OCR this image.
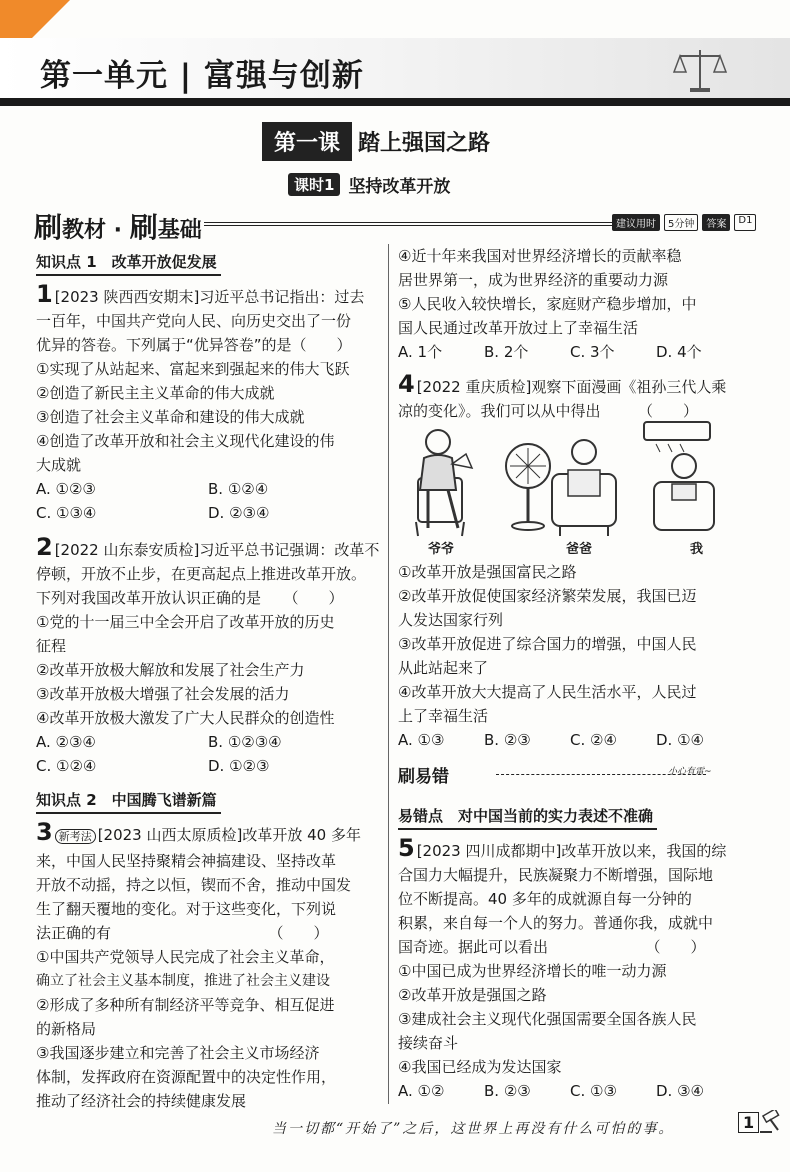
第一单元 | 富强与创新
第一课 踏上强国之路
课时1 坚持改革开放
刷教材 · 刷基础	建议用时	5分钟	答案	D1
知识点 1　改革开放促发展
1 [2023 陕西西安期末]习近平总书记指出：过去
一百年，中国共产党向人民、向历史交出了一份
优异的答卷。下列属于“优异答卷”的是（　　）
①实现了从站起来、富起来到强起来的伟大飞跃
②创造了新民主主义革命的伟大成就
③创造了社会主义革命和建设的伟大成就
④创造了改革开放和社会主义现代化建设的伟
大成就
A. ①②③	B. ①②④
C. ①③④	D. ②③④
2 [2022 山东泰安质检]习近平总书记强调：改革不
停顿，开放不止步，在更高起点上推进改革开放。
下列对我国改革开放认识正确的是　　（　　）
①党的十一届三中全会开启了改革开放的历史
征程
②改革开放极大解放和发展了社会生产力
③改革开放极大增强了社会发展的活力
④改革开放极大激发了广大人民群众的创造性
A. ②③④	B. ①②③④
C. ①②④	D. ①②③
知识点 2　中国腾飞谱新篇
3 新考法 [2023 山西太原质检]改革开放 40 多年
来，中国人民坚持聚精会神搞建设、坚持改革
开放不动摇，持之以恒，锲而不舍，推动中国发
生了翻天覆地的变化。对于这些变化，下列说
法正确的有　　　　　　　　　　　（　　）
①中国共产党领导人民完成了社会主义革命，
确立了社会主义基本制度，推进了社会主义建设
②形成了多种所有制经济平等竞争、相互促进
的新格局
③我国逐步建立和完善了社会主义市场经济
体制，发挥政府在资源配置中的决定性作用，
推动了经济社会的持续健康发展
④近十年来我国对世界经济增长的贡献率稳
居世界第一，成为世界经济的重要动力源
⑤人民收入较快增长，家庭财产稳步增加，中
国人民通过改革开放过上了幸福生活
A. 1个	B. 2个	C. 3个	D. 4个
4 [2022 重庆质检]观察下面漫画《祖孙三代人乘
凉的变化》。我们可以从中得出　　　（　　）
爷爷	爸爸	我
①改革开放是强国富民之路
②改革开放促使国家经济繁荣发展，我国已迈
人发达国家行列
③改革开放促进了综合国力的增强，中国人民
从此站起来了
④改革开放大大提高了人民生活水平，人民过
上了幸福生活
A. ①③	B. ②③	C. ②④	D. ①④
刷易错	小心有雷~
易错点　对中国当前的实力表述不准确
5 [2023 四川成都期中]改革开放以来，我国的综
合国力大幅提升，民族凝聚力不断增强，国际地
位不断提高。40 多年的成就源自每一分钟的
积累，来自每一个人的努力。普通你我，成就中
国奇迹。据此可以看出　　　　　　　（　　）
①中国已成为世界经济增长的唯一动力源
②改革开放是强国之路
③建成社会主义现代化强国需要全国各族人民
接续奋斗
④我国已经成为发达国家
A. ①②	B. ②③	C. ①③	D. ③④
当一切都“开始了”之后，这世界上再没有什么可怕的事。	1
